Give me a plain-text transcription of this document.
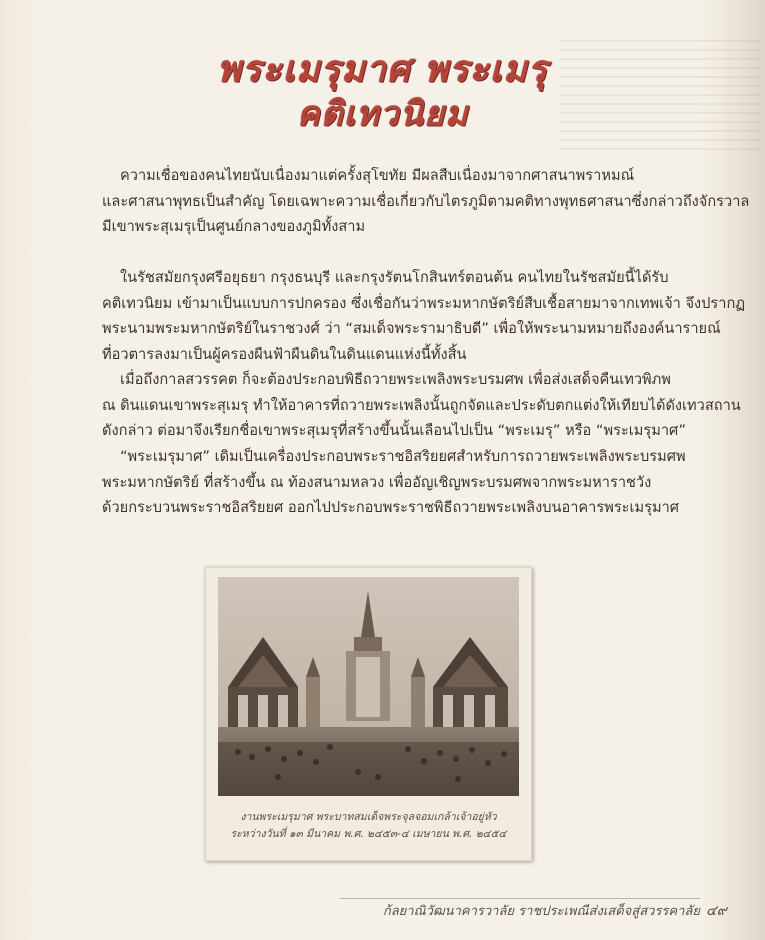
พระเมรุมาศ พระเมรุ
คติเทวนิยม

ความเชื่อของคนไทยนับเนื่องมาแต่ครั้งสุโขทัย มีผลสืบเนื่องมาจากศาสนาพราหมณ์
และศาสนาพุทธเป็นสำคัญ โดยเฉพาะความเชื่อเกี่ยวกับไตรภูมิตามคติทางพุทธศาสนาซึ่งกล่าวถึงจักรวาล
มีเขาพระสุเมรุเป็นศูนย์กลางของภูมิทั้งสาม

ในรัชสมัยกรุงศรีอยุธยา กรุงธนบุรี และกรุงรัตนโกสินทร์ตอนต้น คนไทยในรัชสมัยนี้ได้รับ
คติเทวนิยม เข้ามาเป็นแบบการปกครอง ซึ่งเชื่อกันว่าพระมหากษัตริย์สืบเชื้อสายมาจากเทพเจ้า จึงปรากฏ
พระนามพระมหากษัตริย์ในราชวงศ์ ว่า “สมเด็จพระรามาธิบดี” เพื่อให้พระนามหมายถึงองค์นารายณ์
ที่อวตารลงมาเป็นผู้ครองผืนฟ้าผืนดินในดินแดนแห่งนี้ทั้งสิ้น

เมื่อถึงกาลสวรรคต ก็จะต้องประกอบพิธีถวายพระเพลิงพระบรมศพ เพื่อส่งเสด็จคืนเทวพิภพ
ณ ดินแดนเขาพระสุเมรุ ทำให้อาคารที่ถวายพระเพลิงนั้นถูกจัดและประดับตกแต่งให้เทียบได้ดังเทวสถาน
ดังกล่าว ต่อมาจึงเรียกชื่อเขาพระสุเมรุที่สร้างขึ้นนั้นเลือนไปเป็น “พระเมรุ” หรือ “พระเมรุมาศ”

“พระเมรุมาศ” เดิมเป็นเครื่องประกอบพระราชอิสริยยศสำหรับการถวายพระเพลิงพระบรมศพ
พระมหากษัตริย์ ที่สร้างขึ้น ณ ท้องสนามหลวง เพื่ออัญเชิญพระบรมศพจากพระมหาราชวัง
ด้วยกระบวนพระราชอิสริยยศ ออกไปประกอบพระราชพิธีถวายพระเพลิงบนอาคารพระเมรุมาศ

งานพระเมรุมาศ พระบาทสมเด็จพระจุลจอมเกล้าเจ้าอยู่หัว
ระหว่างวันที่ ๑๓ มีนาคม พ.ศ. ๒๔๕๓-๔ เมษายน พ.ศ. ๒๔๕๔
ก้ลยาณิวัฒนาคารวาลัย ราชประเพณีส่งเสด็จสู่สวรรคาลัย ๔๙
